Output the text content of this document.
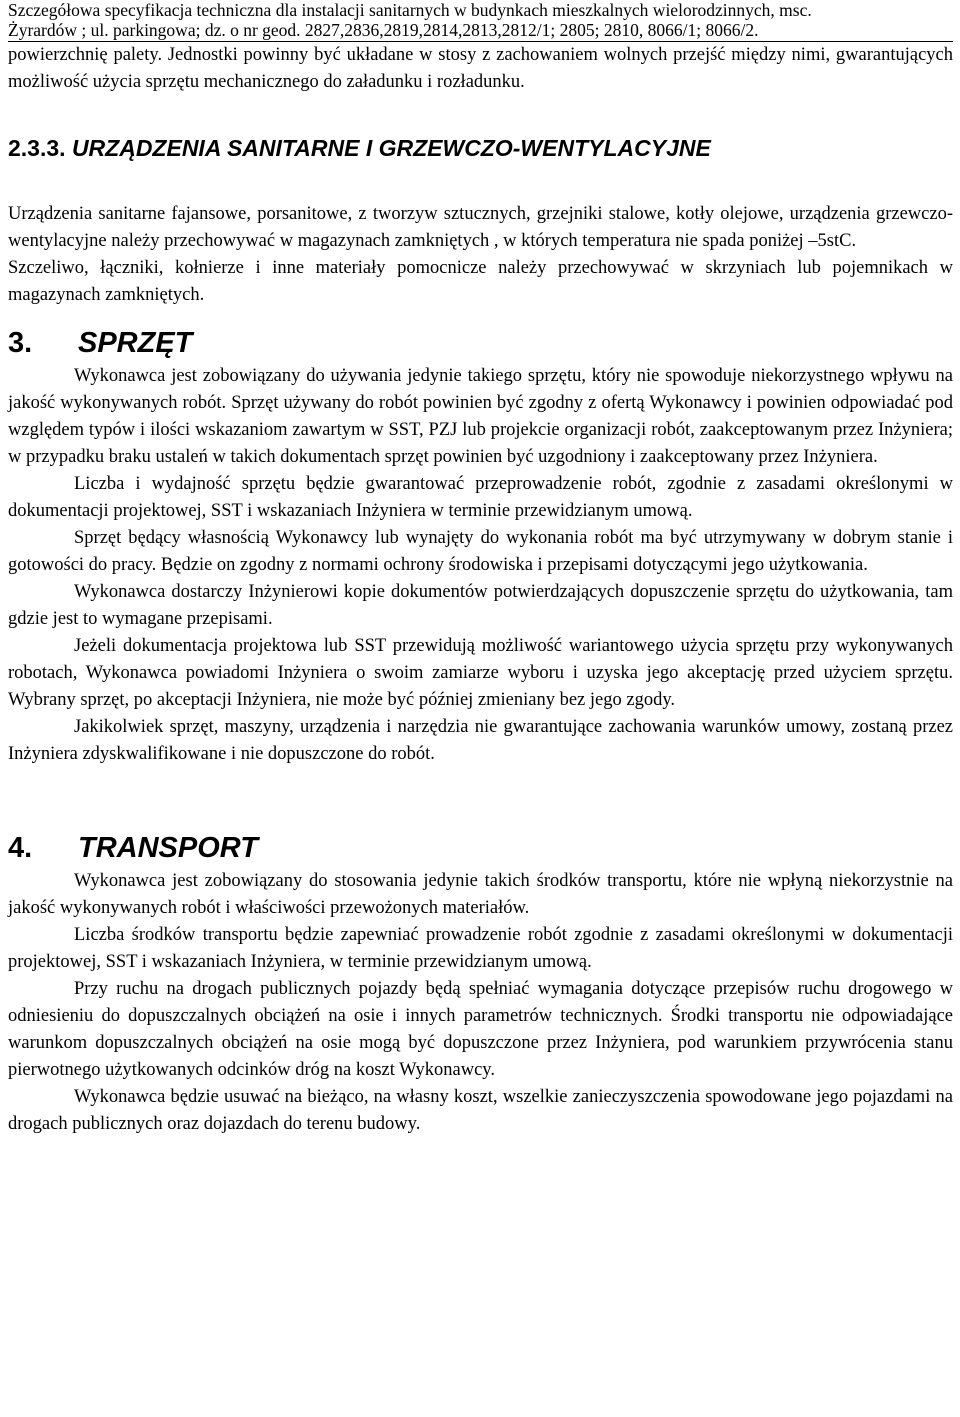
Szczegółowa specyfikacja techniczna dla instalacji sanitarnych w budynkach mieszkalnych wielorodzinnych, msc.
Żyrardów ; ul. parkingowa; dz. o nr geod. 2827,2836,2819,2814,2813,2812/1; 2805; 2810, 8066/1; 8066/2.

powierzchnię palety. Jednostki powinny być układane w stosy z zachowaniem wolnych przejść między nimi, gwarantujących możliwość użycia sprzętu mechanicznego do załadunku i rozładunku.

2.3.3. URZĄDZENIA SANITARNE I GRZEWCZO-WENTYLACYJNE

Urządzenia sanitarne fajansowe, porsanitowe, z tworzyw sztucznych, grzejniki stalowe, kotły olejowe, urządzenia grzewczo-wentylacyjne należy przechowywać w magazynach zamkniętych , w których temperatura nie spada poniżej –5stC.

Szczeliwo, łączniki, kołnierze i inne materiały pomocnicze należy przechowywać w skrzyniach lub pojemnikach w magazynach zamkniętych.

3.	SPRZĘT

Wykonawca jest zobowiązany do używania jedynie takiego sprzętu, który nie spowoduje niekorzystnego wpływu na jakość wykonywanych robót. Sprzęt używany do robót powinien być zgodny z ofertą Wykonawcy i powinien odpowiadać pod względem typów i ilości wskazaniom zawartym w SST, PZJ lub projekcie organizacji robót, zaakceptowanym przez Inżyniera; w przypadku braku ustaleń w takich dokumentach sprzęt powinien być uzgodniony i zaakceptowany przez Inżyniera.

Liczba i wydajność sprzętu będzie gwarantować przeprowadzenie robót, zgodnie z zasadami określonymi w dokumentacji projektowej, SST i wskazaniach Inżyniera w terminie przewidzianym umową.

Sprzęt będący własnością Wykonawcy lub wynajęty do wykonania robót ma być utrzymywany w dobrym stanie i gotowości do pracy. Będzie on zgodny z normami ochrony środowiska i przepisami dotyczącymi jego użytkowania.

Wykonawca dostarczy Inżynierowi kopie dokumentów potwierdzających dopuszczenie sprzętu do użytkowania, tam gdzie jest to wymagane przepisami.

Jeżeli dokumentacja projektowa lub SST przewidują możliwość wariantowego użycia sprzętu przy wykonywanych robotach, Wykonawca powiadomi Inżyniera o swoim zamiarze wyboru i uzyska jego akceptację przed użyciem sprzętu. Wybrany sprzęt, po akceptacji Inżyniera, nie może być później zmieniany bez jego zgody.

Jakikolwiek sprzęt, maszyny, urządzenia i narzędzia nie gwarantujące zachowania warunków umowy, zostaną przez Inżyniera zdyskwalifikowane i nie dopuszczone do robót.

4.	TRANSPORT

Wykonawca jest zobowiązany do stosowania jedynie takich środków transportu, które nie wpłyną niekorzystnie na jakość wykonywanych robót i właściwości przewożonych materiałów.

Liczba środków transportu będzie zapewniać prowadzenie robót zgodnie z zasadami określonymi w dokumentacji projektowej, SST i wskazaniach Inżyniera, w terminie przewidzianym umową.

Przy ruchu na drogach publicznych pojazdy będą spełniać wymagania dotyczące przepisów ruchu drogowego w odniesieniu do dopuszczalnych obciążeń na osie i innych parametrów technicznych. Środki transportu nie odpowiadające warunkom dopuszczalnych obciążeń na osie mogą być dopuszczone przez Inżyniera, pod warunkiem przywrócenia stanu pierwotnego użytkowanych odcinków dróg na koszt Wykonawcy.

Wykonawca będzie usuwać na bieżąco, na własny koszt, wszelkie zanieczyszczenia spowodowane jego pojazdami na drogach publicznych oraz dojazdach do terenu budowy.
